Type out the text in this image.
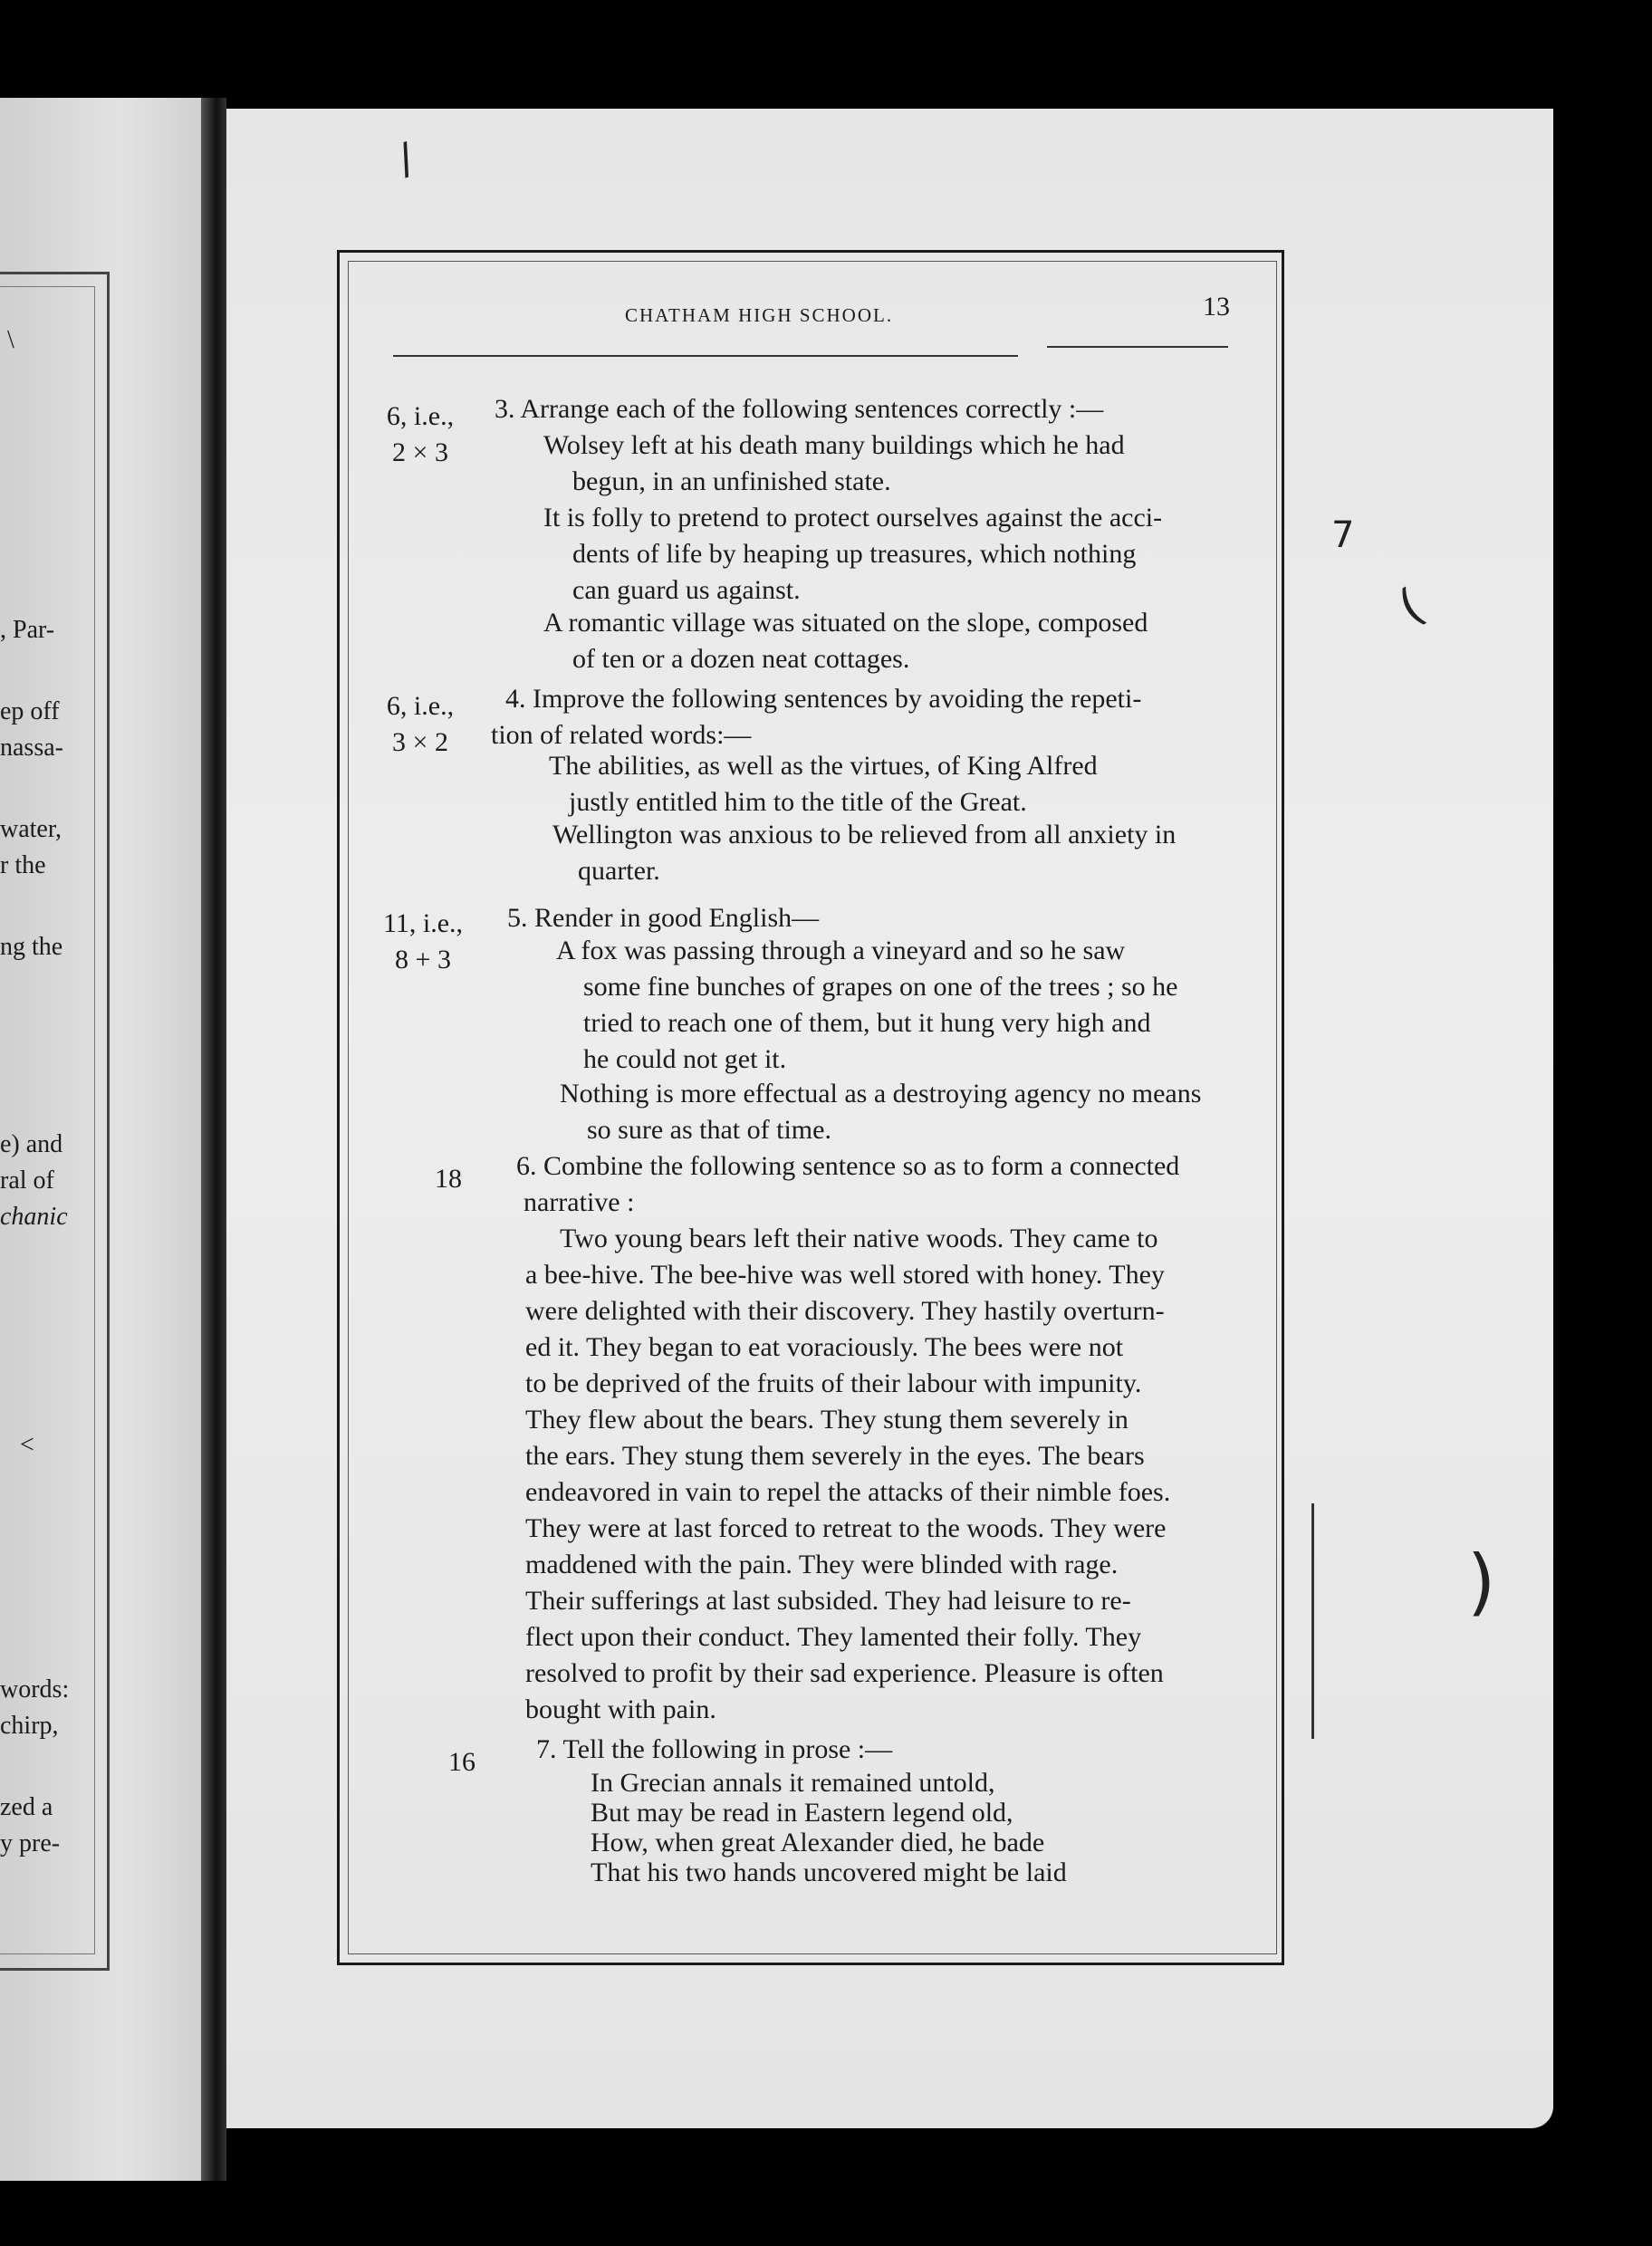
\
, Par-
ep off
nassa-
water,
r the
ng the
e) and
ral of
chanic
<
words:
chirp,
zed a
y pre-
/
7
(
)
CHATHAM HIGH SCHOOL.	13
6, i.e.,
2 × 3
3. Arrange each of the following sentences correctly :—
Wolsey left at his death many buildings which he had
begun, in an unfinished state.
It is folly to pretend to protect ourselves against the acci-
dents of life by heaping up treasures, which nothing
can guard us against.
A romantic village was situated on the slope, composed
of ten or a dozen neat cottages.
6, i.e.,
3 × 2
4. Improve the following sentences by avoiding the repeti-
tion of related words:—
The abilities, as well as the virtues, of King Alfred
justly entitled him to the title of the Great.
Wellington was anxious to be relieved from all anxiety in
quarter.
11, i.e.,
8 + 3
5. Render in good English—
A fox was passing through a vineyard and so he saw
some fine bunches of grapes on one of the trees ; so he
tried to reach one of them, but it hung very high and
he could not get it.
Nothing is more effectual as a destroying agency no means
so sure as that of time.
18	6. Combine the following sentence so as to form a connected
narrative :
Two young bears left their native woods. They came to
a bee-hive. The bee-hive was well stored with honey. They
were delighted with their discovery. They hastily overturn-
ed it. They began to eat voraciously. The bees were not
to be deprived of the fruits of their labour with impunity.
They flew about the bears. They stung them severely in
the ears. They stung them severely in the eyes. The bears
endeavored in vain to repel the attacks of their nimble foes.
They were at last forced to retreat to the woods. They were
maddened with the pain. They were blinded with rage.
Their sufferings at last subsided. They had leisure to re-
flect upon their conduct. They lamented their folly. They
resolved to profit by their sad experience. Pleasure is often
bought with pain.
16 7. Tell the following in prose :—
In Grecian annals it remained untold,
But may be read in Eastern legend old,
How, when great Alexander died, he bade
That his two hands uncovered might be laid
